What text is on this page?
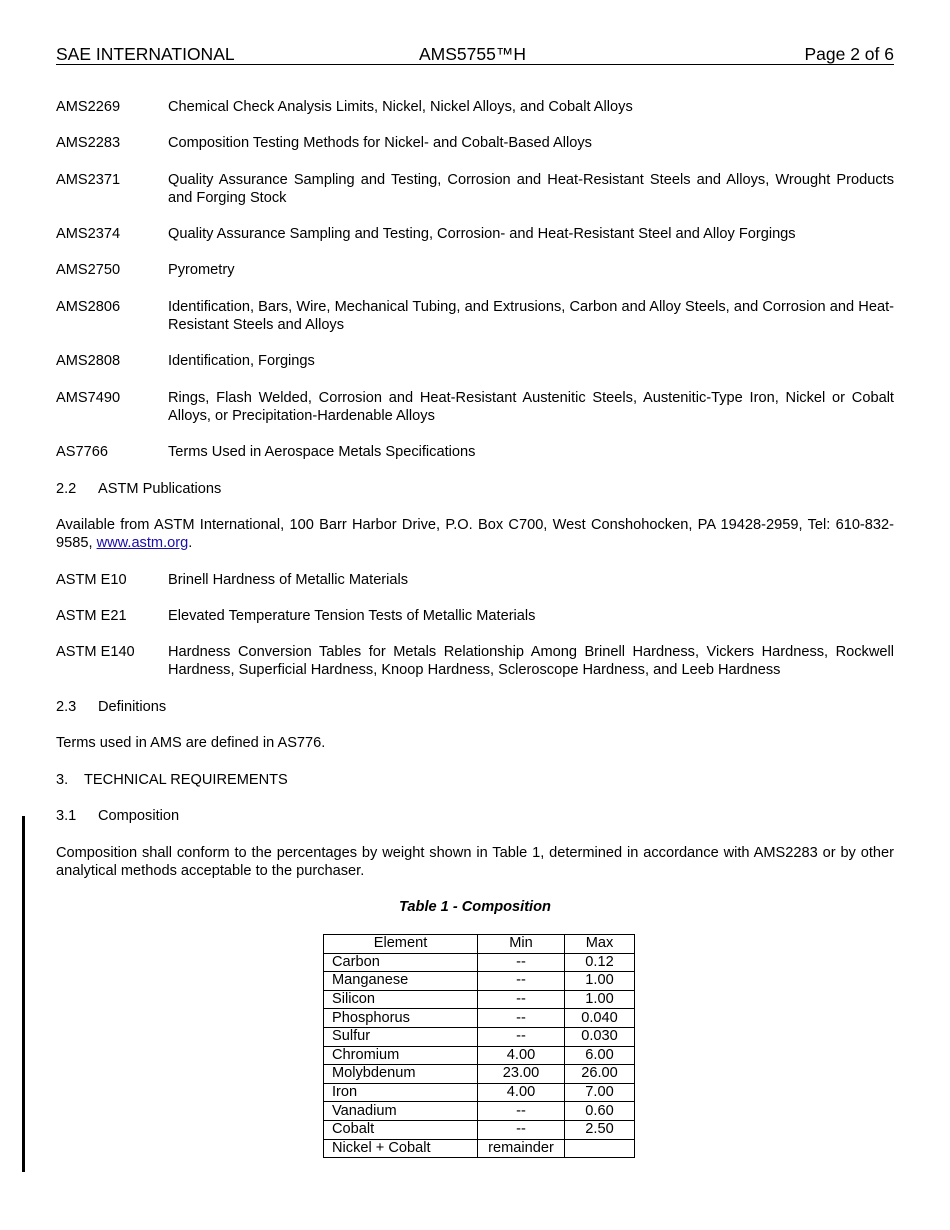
SAE INTERNATIONAL	AMS5755™H	Page 2 of 6
AMS2269	Chemical Check Analysis Limits, Nickel, Nickel Alloys, and Cobalt Alloys
AMS2283	Composition Testing Methods for Nickel- and Cobalt-Based Alloys
AMS2371	Quality Assurance Sampling and Testing, Corrosion and Heat-Resistant Steels and Alloys, Wrought Products and Forging Stock
AMS2374	Quality Assurance Sampling and Testing, Corrosion- and Heat-Resistant Steel and Alloy Forgings
AMS2750	Pyrometry
AMS2806	Identification, Bars, Wire, Mechanical Tubing, and Extrusions, Carbon and Alloy Steels, and Corrosion and Heat-Resistant Steels and Alloys
AMS2808	Identification, Forgings
AMS7490	Rings, Flash Welded, Corrosion and Heat-Resistant Austenitic Steels, Austenitic-Type Iron, Nickel or Cobalt Alloys, or Precipitation-Hardenable Alloys
AS7766	Terms Used in Aerospace Metals Specifications
2.2 ASTM Publications
Available from ASTM International, 100 Barr Harbor Drive, P.O. Box C700, West Conshohocken, PA 19428-2959, Tel: 610-832-9585, www.astm.org.
ASTM E10	Brinell Hardness of Metallic Materials
ASTM E21	Elevated Temperature Tension Tests of Metallic Materials
ASTM E140 Hardness Conversion Tables for Metals Relationship Among Brinell Hardness, Vickers Hardness, Rockwell Hardness, Superficial Hardness, Knoop Hardness, Scleroscope Hardness, and Leeb Hardness
2.3 Definitions
Terms used in AMS are defined in AS776.
3. TECHNICAL REQUIREMENTS
3.1 Composition
Composition shall conform to the percentages by weight shown in Table 1, determined in accordance with AMS2283 or by other analytical methods acceptable to the purchaser.
Table 1 - Composition
Element	Min	Max
Carbon	--	0.12
Manganese	--	1.00
Silicon	--	1.00
Phosphorus	--	0.040
Sulfur	--	0.030
Chromium	4.00	6.00
Molybdenum	23.00	26.00
Iron	4.00	7.00
Vanadium	--	0.60
Cobalt	--	2.50
Nickel + Cobalt	remainder	
